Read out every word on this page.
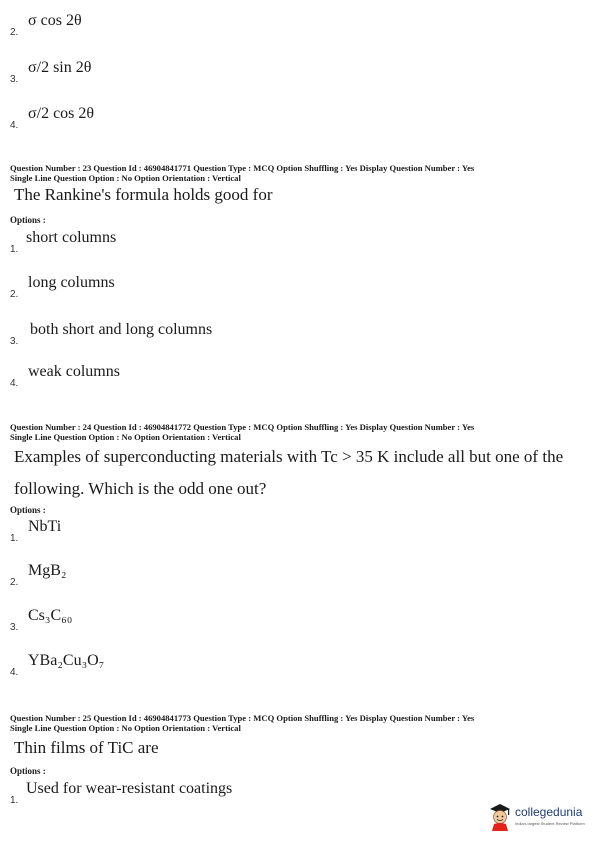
σ cos 2θ
2.
σ/2 sin 2θ
3.
σ/2 cos 2θ
4.
Question Number : 23 Question Id : 46904841771 Question Type : MCQ Option Shuffling : Yes Display Question Number : Yes
Single Line Question Option : No Option Orientation : Vertical
The Rankine's formula holds good for
Options :
short columns
1.
long columns
2.
both short and long columns
3.
weak columns
4.
Question Number : 24 Question Id : 46904841772 Question Type : MCQ Option Shuffling : Yes Display Question Number : Yes
Single Line Question Option : No Option Orientation : Vertical
Examples of superconducting materials with Tc > 35 K include all but one of the
following. Which is the odd one out?
Options :
NbTi
1.
MgB₂
2.
Cs₃C₆₀
3.
YBa₂Cu₃O₇
4.
Question Number : 25 Question Id : 46904841773 Question Type : MCQ Option Shuffling : Yes Display Question Number : Yes
Single Line Question Option : No Option Orientation : Vertical
Thin films of TiC are
Options :
Used for wear-resistant coatings
1.
collegedunia
India's largest Student Review Platform
